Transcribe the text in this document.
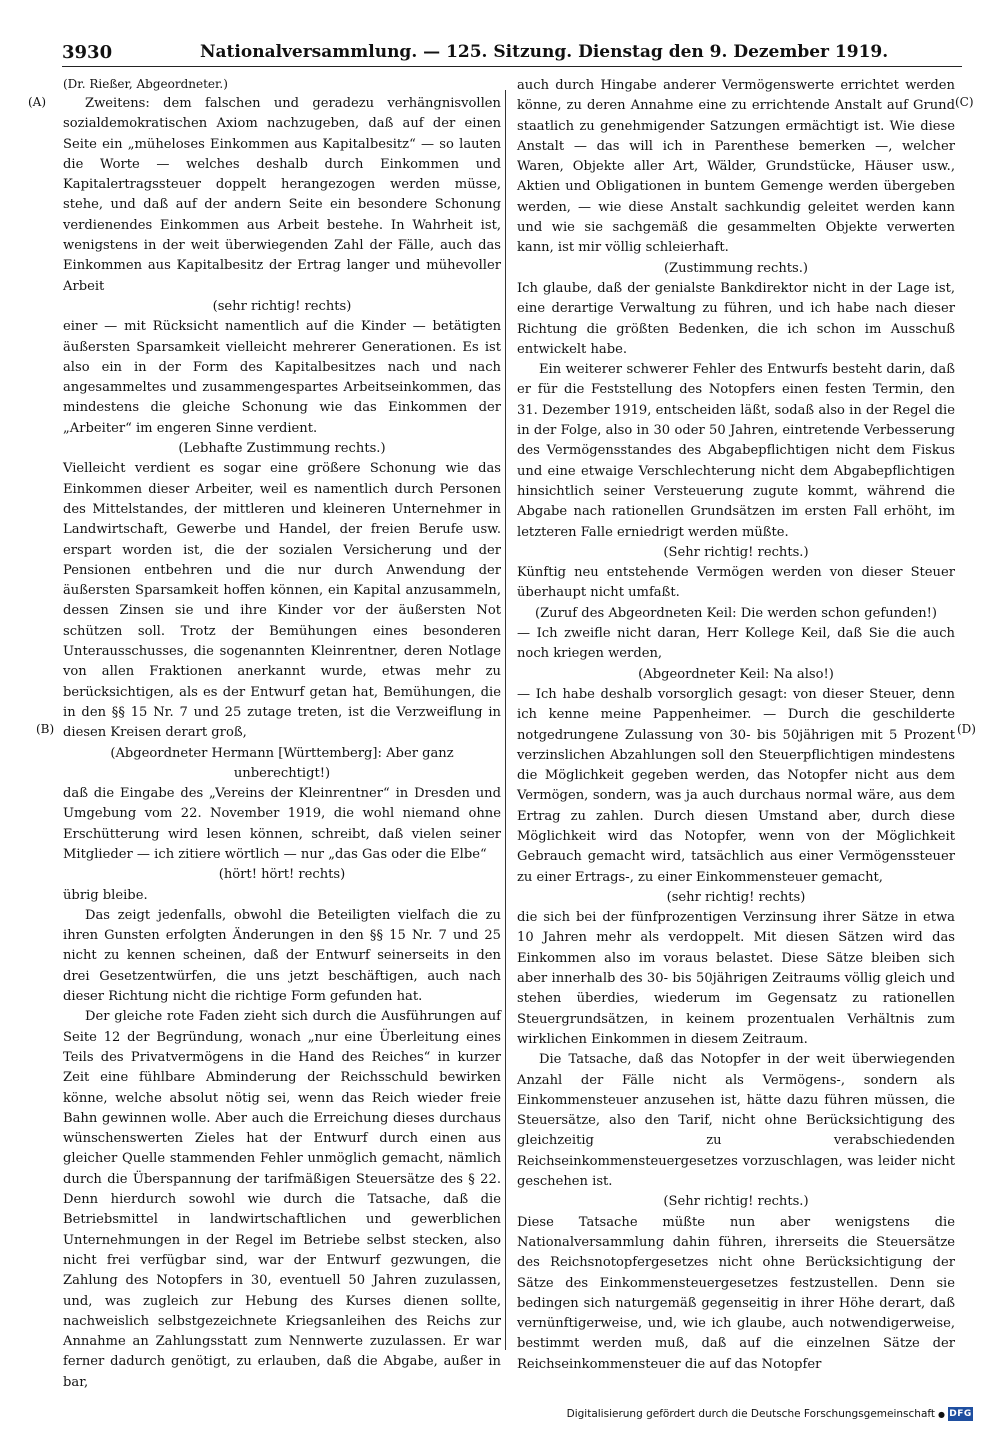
3930	Nationalversammlung. — 125. Sitzung. Dienstag den 9. Dezember 1919.
(A)
(B)
(C)
(D)
(Dr. Rießer, Abgeordneter.)

Zweitens: dem falschen und geradezu verhängnisvollen sozialdemokratischen Axiom nachzugeben, daß auf der einen Seite ein „müheloses Einkommen aus Kapitalbesitz“ — so lauten die Worte — welches deshalb durch Einkommen und Kapitalertragssteuer doppelt herangezogen werden müsse, stehe, und daß auf der andern Seite ein besondere Schonung verdienendes Einkommen aus Arbeit bestehe. In Wahrheit ist, wenigstens in der weit überwiegenden Zahl der Fälle, auch das Einkommen aus Kapitalbesitz der Ertrag langer und mühevoller Arbeit

(sehr richtig! rechts)

einer — mit Rücksicht namentlich auf die Kinder — betätigten äußersten Sparsamkeit vielleicht mehrerer Generationen. Es ist also ein in der Form des Kapitalbesitzes nach und nach angesammeltes und zusammengespartes Arbeitseinkommen, das mindestens die gleiche Schonung wie das Einkommen der „Arbeiter“ im engeren Sinne verdient.

(Lebhafte Zustimmung rechts.)

Vielleicht verdient es sogar eine größere Schonung wie das Einkommen dieser Arbeiter, weil es namentlich durch Personen des Mittelstandes, der mittleren und kleineren Unternehmer in Landwirtschaft, Gewerbe und Handel, der freien Berufe usw. erspart worden ist, die der sozialen Versicherung und der Pensionen entbehren und die nur durch Anwendung der äußersten Sparsamkeit hoffen können, ein Kapital anzusammeln, dessen Zinsen sie und ihre Kinder vor der äußersten Not schützen soll. Trotz der Bemühungen eines besonderen Unterausschusses, die sogenannten Kleinrentner, deren Notlage von allen Fraktionen anerkannt wurde, etwas mehr zu berücksichtigen, als es der Entwurf getan hat, Bemühungen, die in den §§ 15 Nr. 7 und 25 zutage treten, ist die Verzweiflung in diesen Kreisen derart groß,

(Abgeordneter Hermann [Württemberg]: Aber ganz unberechtigt!)

daß die Eingabe des „Vereins der Kleinrentner“ in Dresden und Umgebung vom 22. November 1919, die wohl niemand ohne Erschütterung wird lesen können, schreibt, daß vielen seiner Mitglieder — ich zitiere wörtlich — nur „das Gas oder die Elbe“

(hört! hört! rechts)

übrig bleibe.

Das zeigt jedenfalls, obwohl die Beteiligten vielfach die zu ihren Gunsten erfolgten Änderungen in den §§ 15 Nr. 7 und 25 nicht zu kennen scheinen, daß der Entwurf seinerseits in den drei Gesetzentwürfen, die uns jetzt beschäftigen, auch nach dieser Richtung nicht die richtige Form gefunden hat.

Der gleiche rote Faden zieht sich durch die Ausführungen auf Seite 12 der Begründung, wonach „nur eine Überleitung eines Teils des Privatvermögens in die Hand des Reiches“ in kurzer Zeit eine fühlbare Abminderung der Reichsschuld bewirken könne, welche absolut nötig sei, wenn das Reich wieder freie Bahn gewinnen wolle. Aber auch die Erreichung dieses durchaus wünschenswerten Zieles hat der Entwurf durch einen aus gleicher Quelle stammenden Fehler unmöglich gemacht, nämlich durch die Überspannung der tarifmäßigen Steuersätze des § 22. Denn hierdurch sowohl wie durch die Tatsache, daß die Betriebsmittel in landwirtschaftlichen und gewerblichen Unternehmungen in der Regel im Betriebe selbst stecken, also nicht frei verfügbar sind, war der Entwurf gezwungen, die Zahlung des Notopfers in 30, eventuell 50 Jahren zuzulassen, und, was zugleich zur Hebung des Kurses dienen sollte, nachweislich selbstgezeichnete Kriegsanleihen des Reichs zur Annahme an Zahlungsstatt zum Nennwerte zuzulassen. Er war ferner dadurch genötigt, zu erlauben, daß die Abgabe, außer in bar,

auch durch Hingabe anderer Vermögenswerte errichtet werden könne, zu deren Annahme eine zu errichtende Anstalt auf Grund staatlich zu genehmigender Satzungen ermächtigt ist. Wie diese Anstalt — das will ich in Parenthese bemerken —, welcher Waren, Objekte aller Art, Wälder, Grundstücke, Häuser usw., Aktien und Obligationen in buntem Gemenge werden übergeben werden, — wie diese Anstalt sachkundig geleitet werden kann und wie sie sachgemäß die gesammelten Objekte verwerten kann, ist mir völlig schleierhaft.

(Zustimmung rechts.)

Ich glaube, daß der genialste Bankdirektor nicht in der Lage ist, eine derartige Verwaltung zu führen, und ich habe nach dieser Richtung die größten Bedenken, die ich schon im Ausschuß entwickelt habe.

Ein weiterer schwerer Fehler des Entwurfs besteht darin, daß er für die Feststellung des Notopfers einen festen Termin, den 31. Dezember 1919, entscheiden läßt, sodaß also in der Regel die in der Folge, also in 30 oder 50 Jahren, eintretende Verbesserung des Vermögensstandes des Abgabepflichtigen nicht dem Fiskus und eine etwaige Verschlechterung nicht dem Abgabepflichtigen hinsichtlich seiner Versteuerung zugute kommt, während die Abgabe nach rationellen Grundsätzen im ersten Fall erhöht, im letzteren Falle erniedrigt werden müßte.

(Sehr richtig! rechts.)

Künftig neu entstehende Vermögen werden von dieser Steuer überhaupt nicht umfaßt.

(Zuruf des Abgeordneten Keil: Die werden schon gefunden!)

— Ich zweifle nicht daran, Herr Kollege Keil, daß Sie die auch noch kriegen werden,

(Abgeordneter Keil: Na also!)

— Ich habe deshalb vorsorglich gesagt: von dieser Steuer, denn ich kenne meine Pappenheimer. — Durch die geschilderte notgedrungene Zulassung von 30- bis 50jährigen mit 5 Prozent verzinslichen Abzahlungen soll den Steuerpflichtigen mindestens die Möglichkeit gegeben werden, das Notopfer nicht aus dem Vermögen, sondern, was ja auch durchaus normal wäre, aus dem Ertrag zu zahlen. Durch diesen Umstand aber, durch diese Möglichkeit wird das Notopfer, wenn von der Möglichkeit Gebrauch gemacht wird, tatsächlich aus einer Vermögenssteuer zu einer Ertrags-, zu einer Einkommensteuer gemacht,

(sehr richtig! rechts)

die sich bei der fünfprozentigen Verzinsung ihrer Sätze in etwa 10 Jahren mehr als verdoppelt. Mit diesen Sätzen wird das Einkommen also im voraus belastet. Diese Sätze bleiben sich aber innerhalb des 30- bis 50jährigen Zeitraums völlig gleich und stehen überdies, wiederum im Gegensatz zu rationellen Steuergrundsätzen, in keinem prozentualen Verhältnis zum wirklichen Einkommen in diesem Zeitraum.

Die Tatsache, daß das Notopfer in der weit überwiegenden Anzahl der Fälle nicht als Vermögens-, sondern als Einkommensteuer anzusehen ist, hätte dazu führen müssen, die Steuersätze, also den Tarif, nicht ohne Berücksichtigung des gleichzeitig zu verabschiedenden Reichseinkommensteuergesetzes vorzuschlagen, was leider nicht geschehen ist.

(Sehr richtig! rechts.)

Diese Tatsache müßte nun aber wenigstens die Nationalversammlung dahin führen, ihrerseits die Steuersätze des Reichsnotopfergesetzes nicht ohne Berücksichtigung der Sätze des Einkommensteuergesetzes festzustellen. Denn sie bedingen sich naturgemäß gegenseitig in ihrer Höhe derart, daß vernünftigerweise, und, wie ich glaube, auch notwendigerweise, bestimmt werden muß, daß auf die einzelnen Sätze der Reichseinkommensteuer die auf das Notopfer

Digitalisierung gefördert durch die Deutsche Forschungsgemeinschaft ● DFG
